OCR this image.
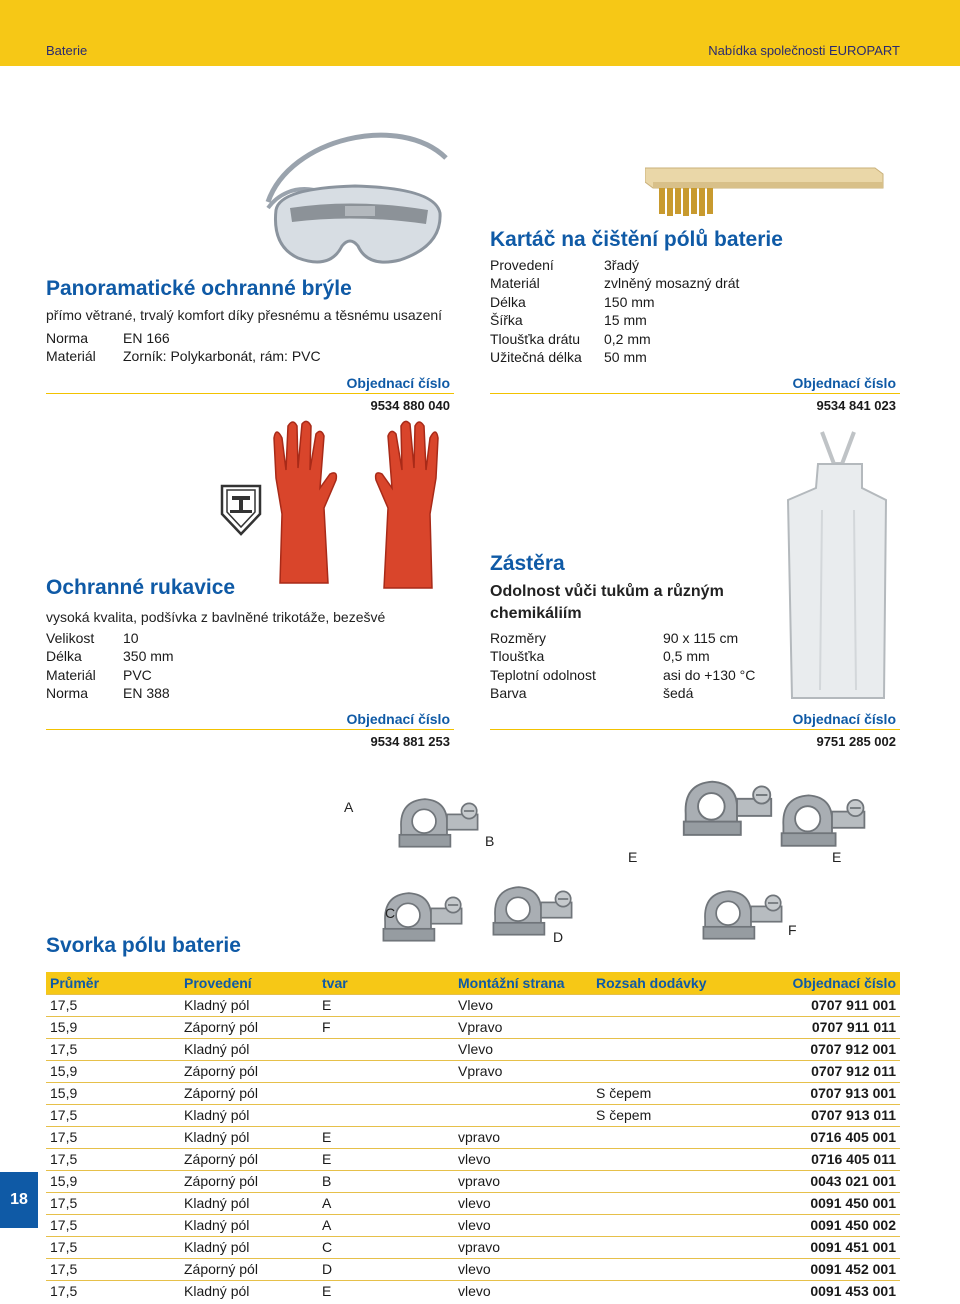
Baterie	Nabídka společnosti EUROPART
Panoramatické ochranné brýle
přímo větrané, trvalý komfort díky přesnému a těsnému usazení
Norma	EN 166
Materiál	Zorník: Polykarbonát, rám: PVC
Objednací číslo
9534 880 040
Kartáč na čištění pólů baterie
Provedení	3řadý
Materiál	zvlněný mosazný drát
Délka	150 mm
Šířka	15 mm
Tloušťka drátu	0,2 mm
Užitečná délka	50 mm
Objednací číslo
9534 841 023
Ochranné rukavice
vysoká kvalita, podšívka z bavlněné trikotáže, bezešvé
Velikost	10
Délka	350 mm
Materiál	PVC
Norma	EN 388
Objednací číslo
9534 881 253
Zástěra
Odolnost vůči tukům a různým chemikáliím
Rozměry	90 x 115 cm
Tloušťka	0,5 mm
Teplotní odolnost	asi do +130 °C
Barva	šedá
Objednací číslo
9751 285 002
A
B
E	E
C
D	F
Svorka pólu baterie
Průměr	Provedení	tvar	Montážní strana	Rozsah dodávky	Objednací číslo
17,5	Kladný pól	E	Vlevo		0707 911 001
15,9	Záporný pól	F	Vpravo		0707 911 011
17,5	Kladný pól		Vlevo		0707 912 001
15,9	Záporný pól		Vpravo		0707 912 011
15,9	Záporný pól			S čepem	0707 913 001
17,5	Kladný pól			S čepem	0707 913 011
17,5	Kladný pól	E	vpravo		0716 405 001
17,5	Záporný pól	E	vlevo		0716 405 011
15,9	Záporný pól	B	vpravo		0043 021 001
17,5	Kladný pól	A	vlevo		0091 450 001
17,5	Kladný pól	A	vlevo		0091 450 002
17,5	Kladný pól	C	vpravo		0091 451 001
17,5	Záporný pól	D	vlevo		0091 452 001
17,5	Kladný pól	E	vlevo		0091 453 001
18
